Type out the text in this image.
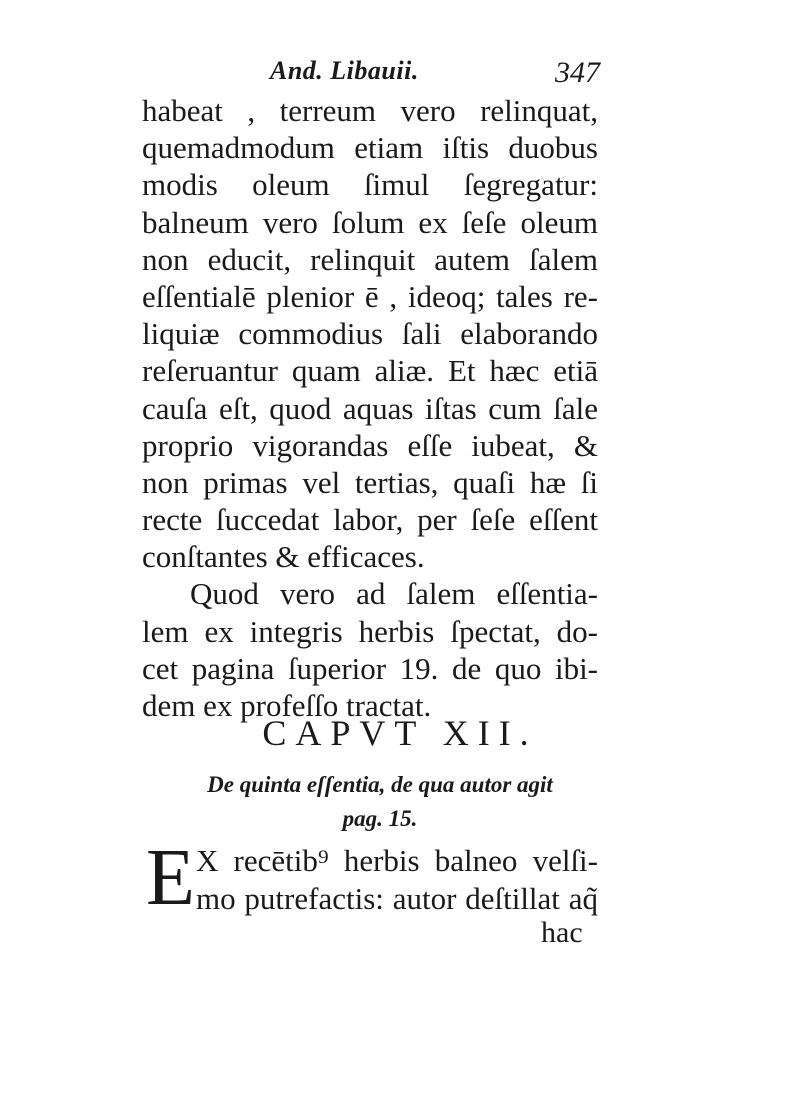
And. Libauii.	347
habeat , terreum vero relinquat,
quemadmodum etiam iſtis duobus
modis oleum ſimul ſegregatur:
balneum vero ſolum ex ſeſe oleum
non educit, relinquit autem ſalem
eſſentialē plenior ē , ideoq; tales re-
liquiæ commodius ſali elaborando
reſeruantur quam aliæ. Et hæc etiā
cauſa eſt, quod aquas iſtas cum ſale
proprio vigorandas eſſe iubeat, &
non primas vel tertias, quaſi hæ ſi
recte ſuccedat labor, per ſeſe eſſent
conſtantes & efficaces.
Quod vero ad ſalem eſſentia-
lem ex integris herbis ſpectat, do-
cet pagina ſuperior 19. de quo ibi-
dem ex profeſſo tractat.
CAPVT XII.
De quinta eſſentia, de qua autor agit
pag. 15.
E X recētib⁹ herbis balneo velſi-
mo putrefactis: autor deſtillat aq̃
hac
